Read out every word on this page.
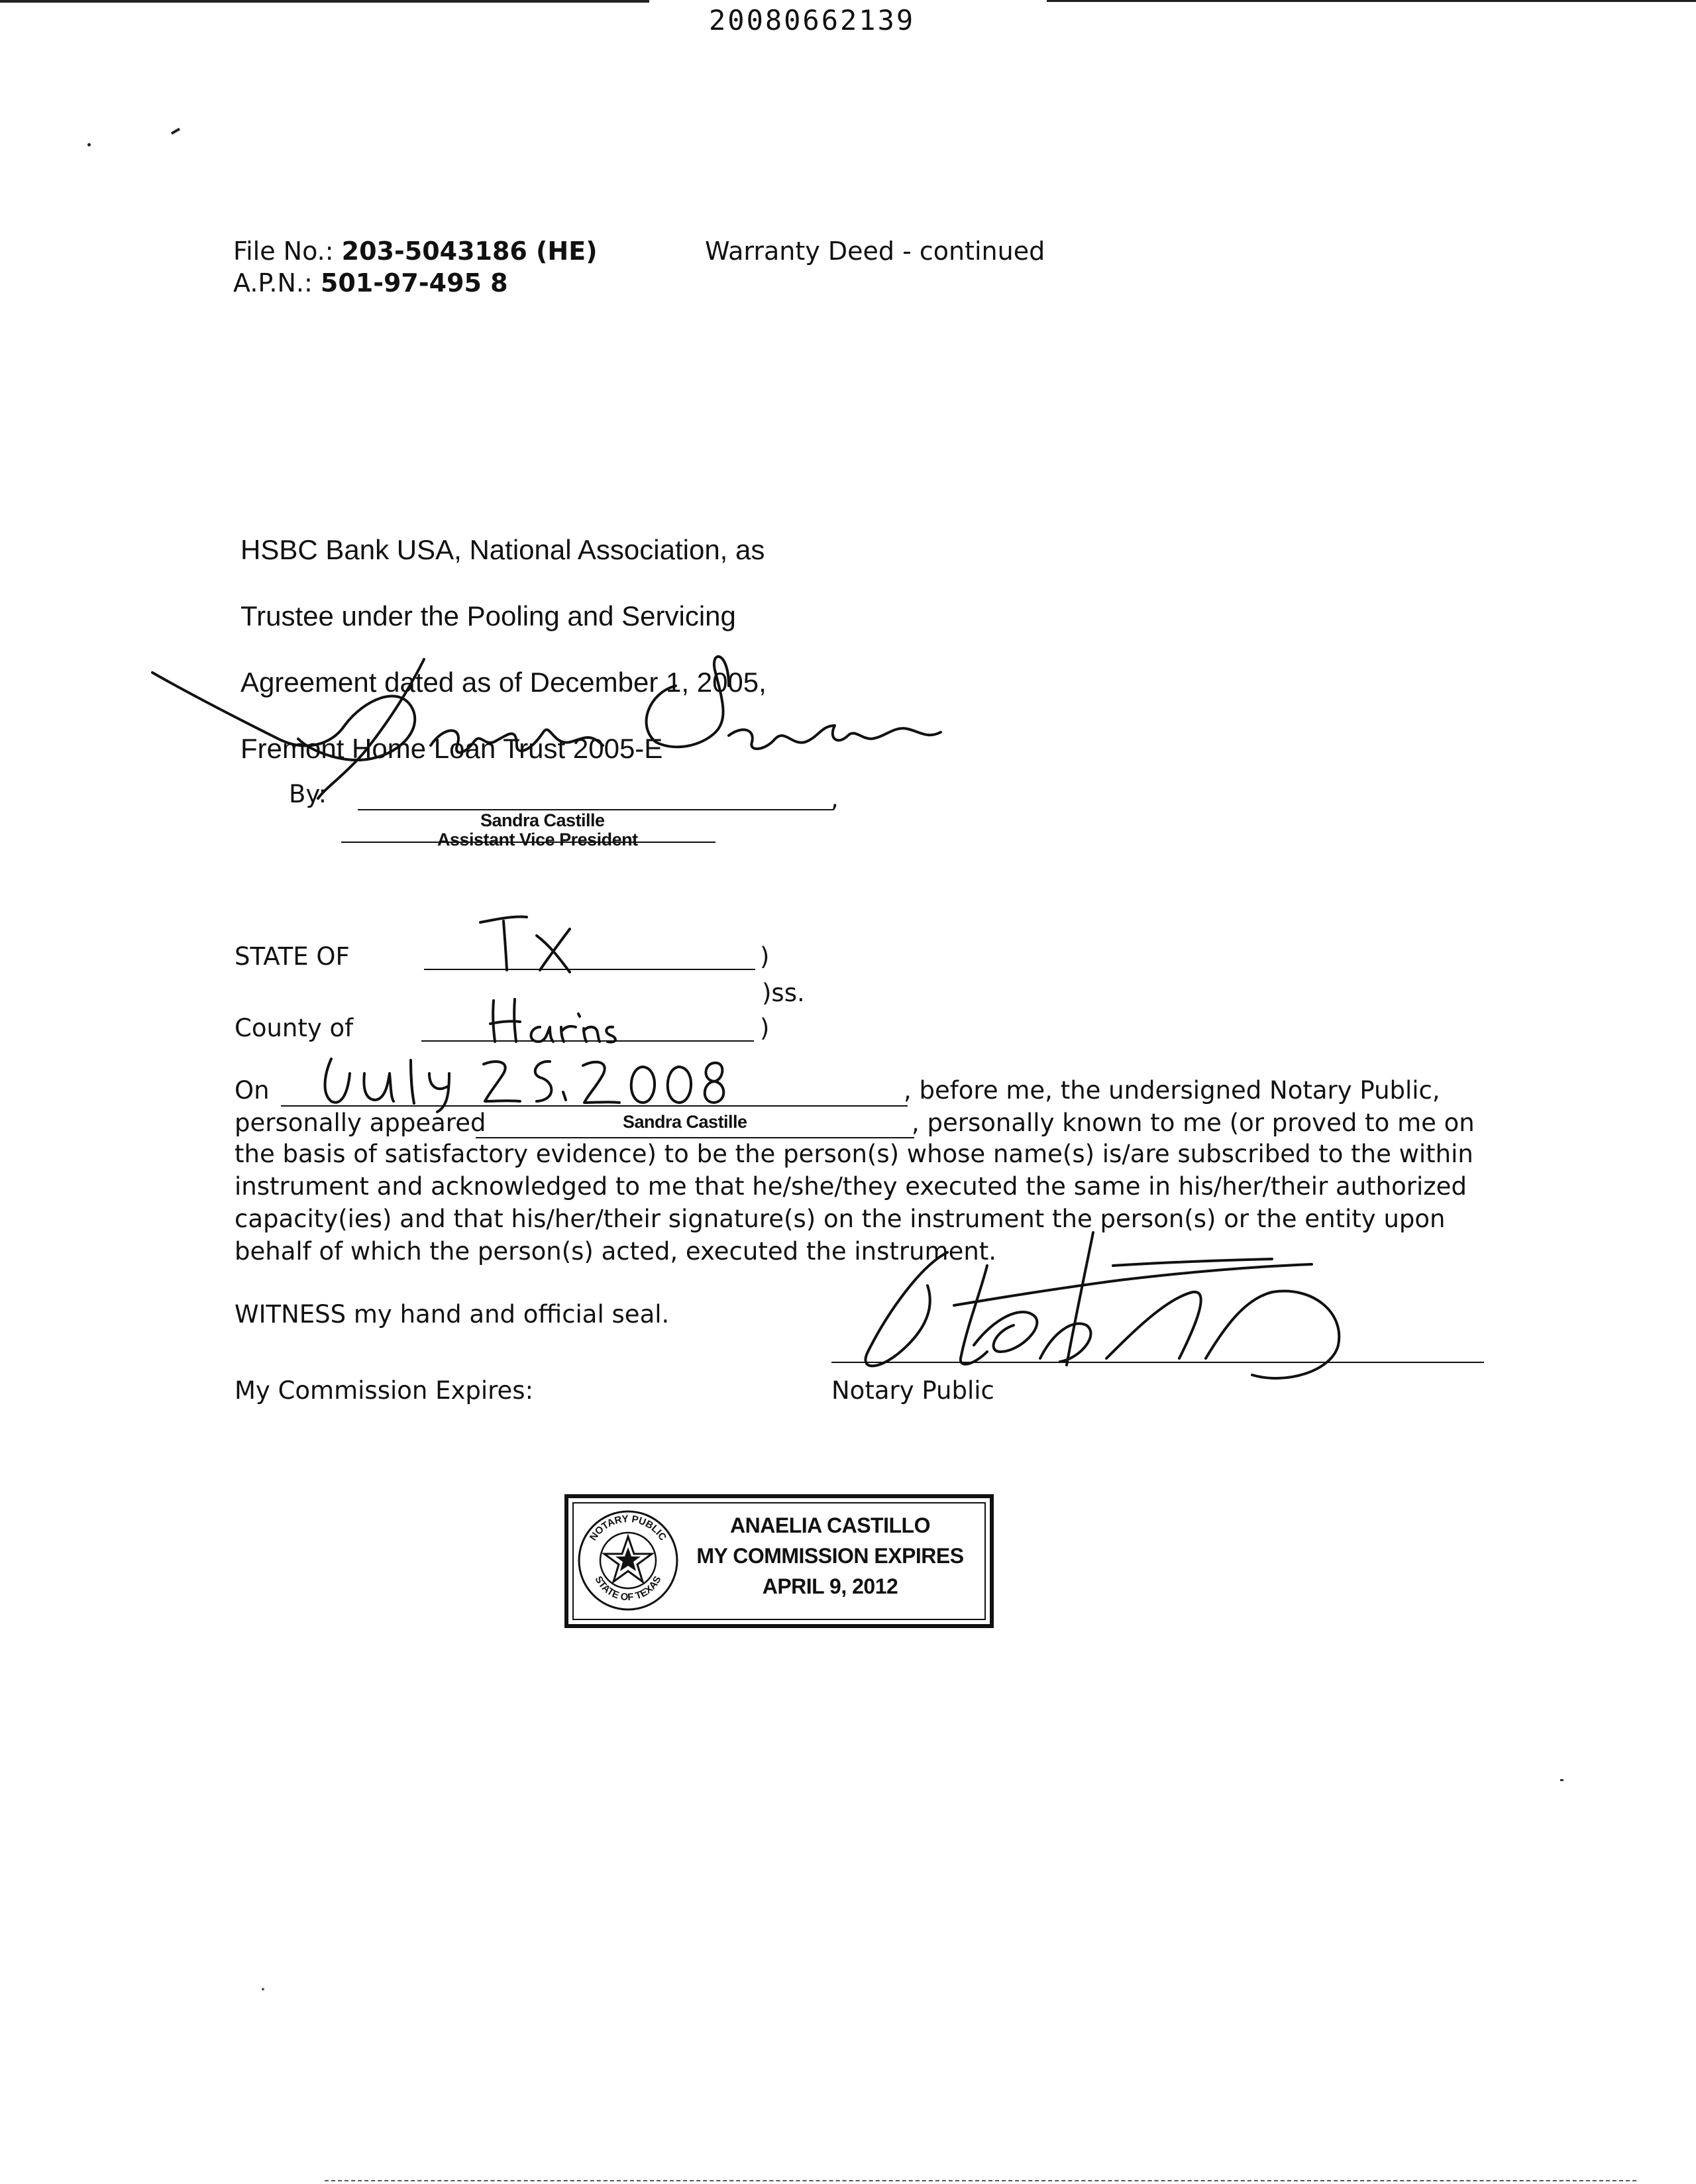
20080662139
File No.: 203-5043186 (HE)
A.P.N.: 501-97-495 8
Warranty Deed - continued

HSBC Bank USA, National Association, as

Trustee under the Pooling and Servicing

Agreement dated as of December 1, 2005,

Fremont Home Loan Trust 2005-E

By:	,
Sandra Castille
Assistant Vice President
STATE OF	)
)ss.
County of	)
On	, before me, the undersigned Notary Public,
personally appeared	Sandra Castille	, personally known to me (or proved to me on
the basis of satisfactory evidence) to be the person(s) whose name(s) is/are subscribed to the within instrument and acknowledged to me that he/she/they executed the same in his/her/their authorized capacity(ies) and that his/her/their signature(s) on the instrument the person(s) or the entity upon behalf of which the person(s) acted, executed the instrument.
WITNESS my hand and official seal.
My Commission Expires:	Notary Public
NOTARY PUBLIC
STATE OF TEXAS
ANAELIA CASTILLO
MY COMMISSION EXPIRES
APRIL 9, 2012
